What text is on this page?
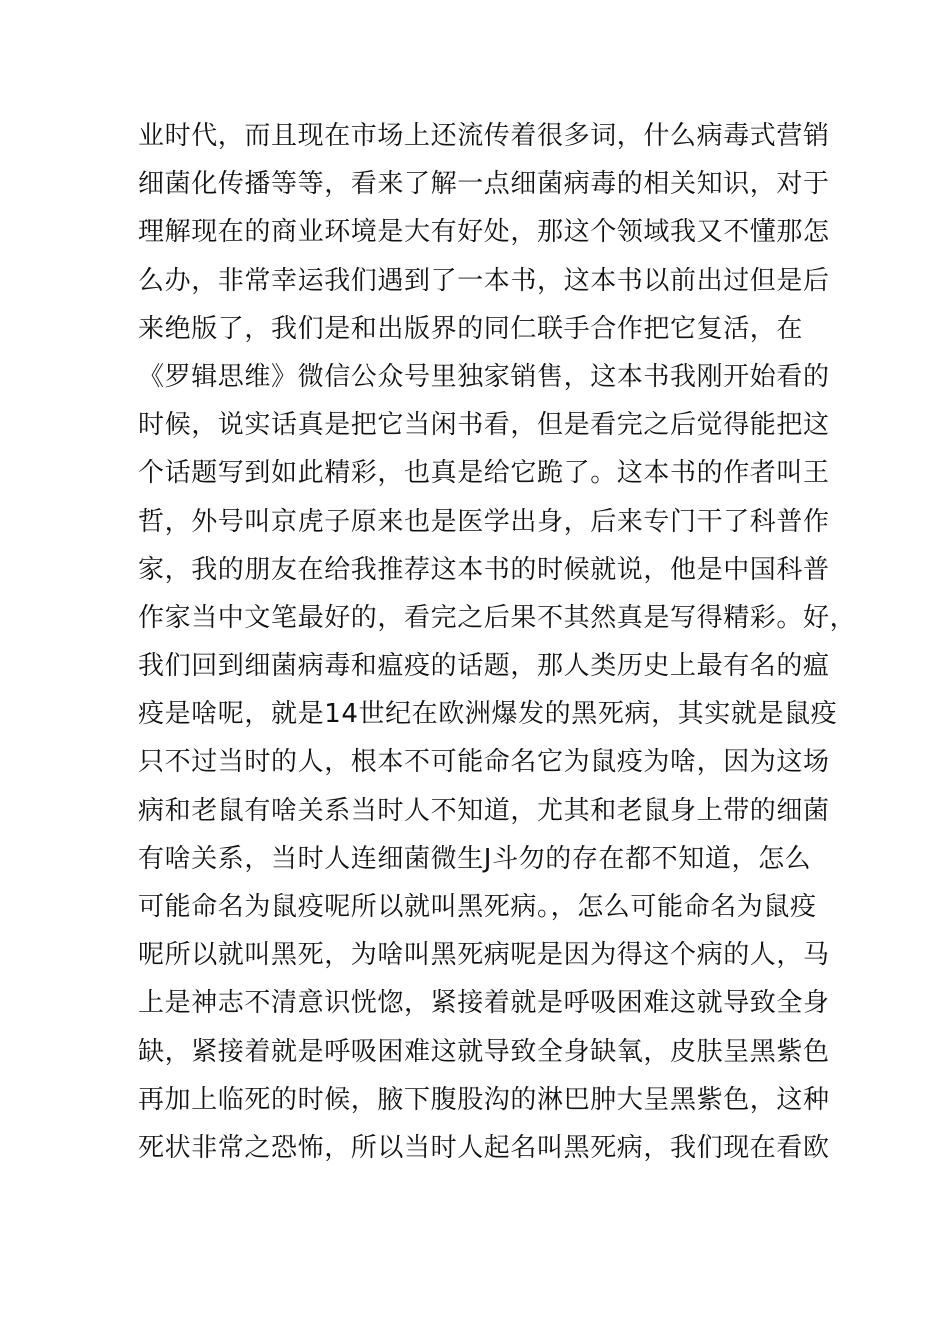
业时代，而且现在市场上还流传着很多词，什么病毒式营销
细菌化传播等等，看来了解一点细菌病毒的相关知识，对于
理解现在的商业环境是大有好处，那这个领域我又不懂那怎
么办，非常幸运我们遇到了一本书，这本书以前出过但是后
来绝版了，我们是和出版界的同仁联手合作把它复活，在
《罗辑思维》微信公众号里独家销售，这本书我刚开始看的
时候，说实话真是把它当闲书看，但是看完之后觉得能把这
个话题写到如此精彩，也真是给它跪了。这本书的作者叫王
哲，外号叫京虎子原来也是医学出身，后来专门干了科普作
家，我的朋友在给我推荐这本书的时候就说，他是中国科普
作家当中文笔最好的，看完之后果不其然真是写得精彩。好，
我们回到细菌病毒和瘟疫的话题，那人类历史上最有名的瘟
疫是啥呢，就是14世纪在欧洲爆发的黑死病，其实就是鼠疫
只不过当时的人，根本不可能命名它为鼠疫为啥，因为这场
病和老鼠有啥关系当时人不知道，尤其和老鼠身上带的细菌
有啥关系，当时人连细菌微生J斗勿的存在都不知道，怎么
可能命名为鼠疫呢所以就叫黑死病。，怎么可能命名为鼠疫
呢所以就叫黑死，为啥叫黑死病呢是因为得这个病的人，马
上是神志不清意识恍惚，紧接着就是呼吸困难这就导致全身
缺，紧接着就是呼吸困难这就导致全身缺氧，皮肤呈黑紫色
再加上临死的时候，腋下腹股沟的淋巴肿大呈黑紫色，这种
死状非常之恐怖，所以当时人起名叫黑死病，我们现在看欧
